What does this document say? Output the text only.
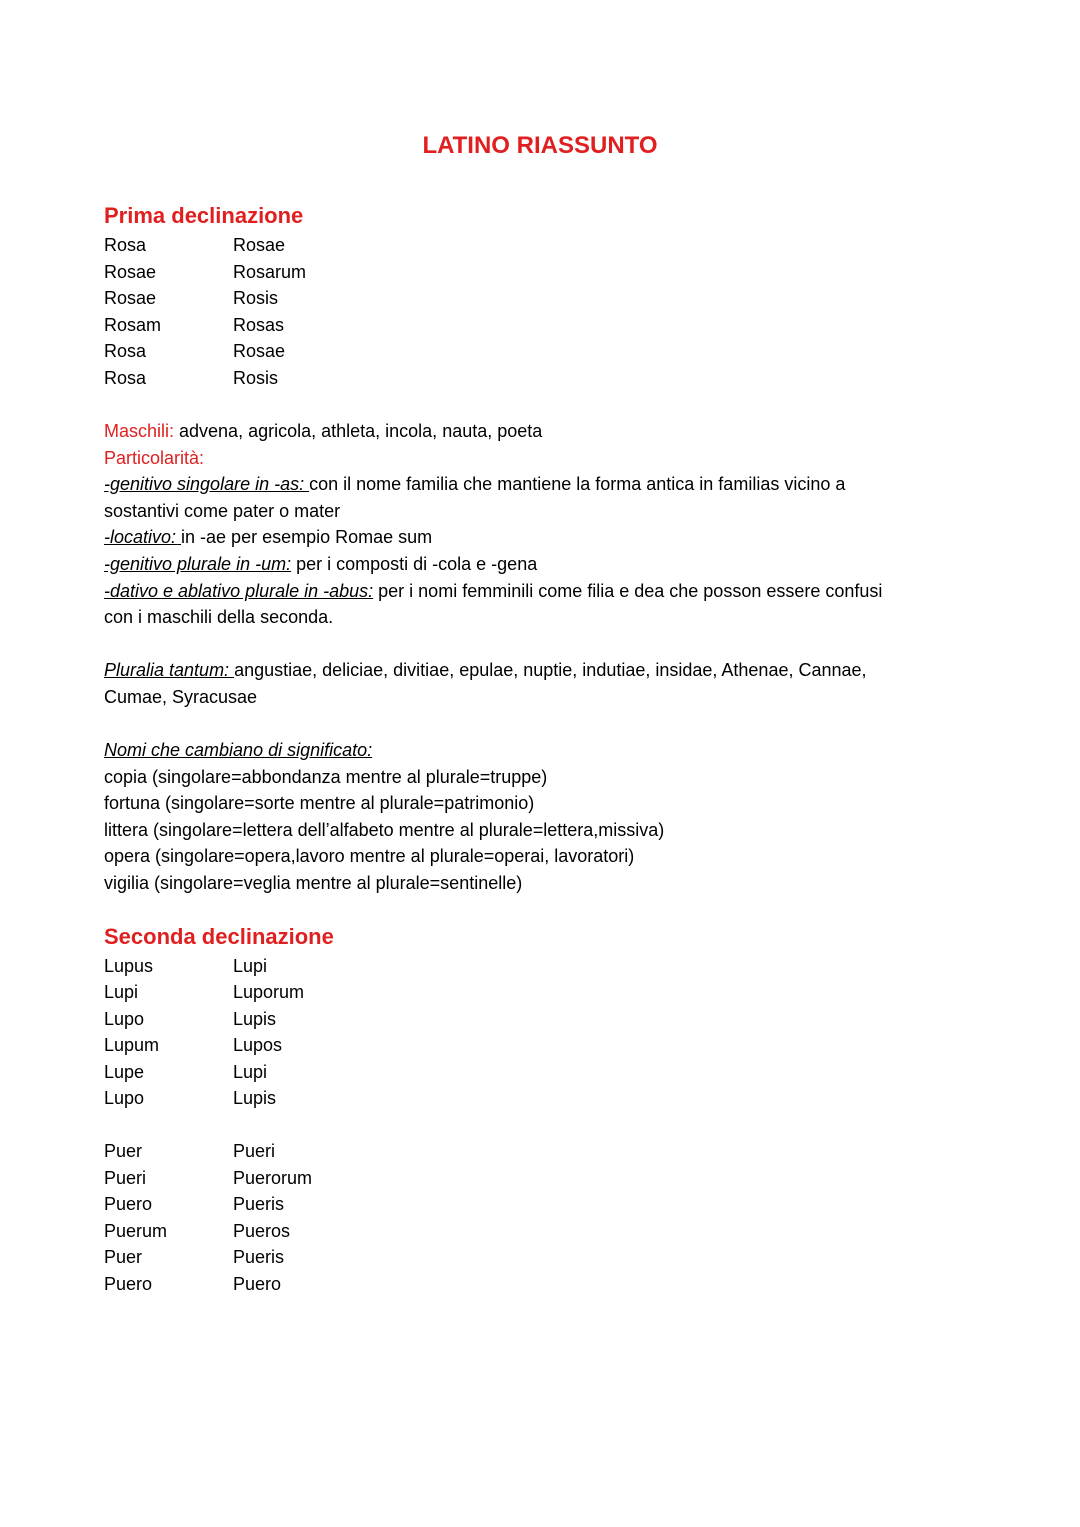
LATINO RIASSUNTO
Prima declinazione
Rosa	Rosae
Rosae	Rosarum
Rosae	Rosis
Rosam	Rosas
Rosa	Rosae
Rosa	Rosis

Maschili: advena, agricola, athleta, incola, nauta, poeta

Particolarità:

-genitivo singolare in -as: con il nome familia che mantiene la forma antica in familias vicino a

sostantivi come pater o mater

-locativo: in -ae per esempio Romae sum

-genitivo plurale in -um: per i composti di -cola e -gena

-dativo e ablativo plurale in -abus: per i nomi femminili come filia e dea che posson essere confusi

con i maschili della seconda.

Pluralia tantum: angustiae, deliciae, divitiae, epulae, nuptie, indutiae, insidae, Athenae, Cannae,

Cumae, Syracusae

Nomi che cambiano di significato:

copia (singolare=abbondanza mentre al plurale=truppe)

fortuna (singolare=sorte mentre al plurale=patrimonio)

littera (singolare=lettera dell’alfabeto mentre al plurale=lettera,missiva)

opera (singolare=opera,lavoro mentre al plurale=operai, lavoratori)

vigilia (singolare=veglia mentre al plurale=sentinelle)

Seconda declinazione
Lupus	Lupi
Lupi	Luporum
Lupo	Lupis
Lupum	Lupos
Lupe	Lupi
Lupo	Lupis
Puer	Pueri
Pueri	Puerorum
Puero	Pueris
Puerum	Pueros
Puer	Pueris
Puero	Puero
